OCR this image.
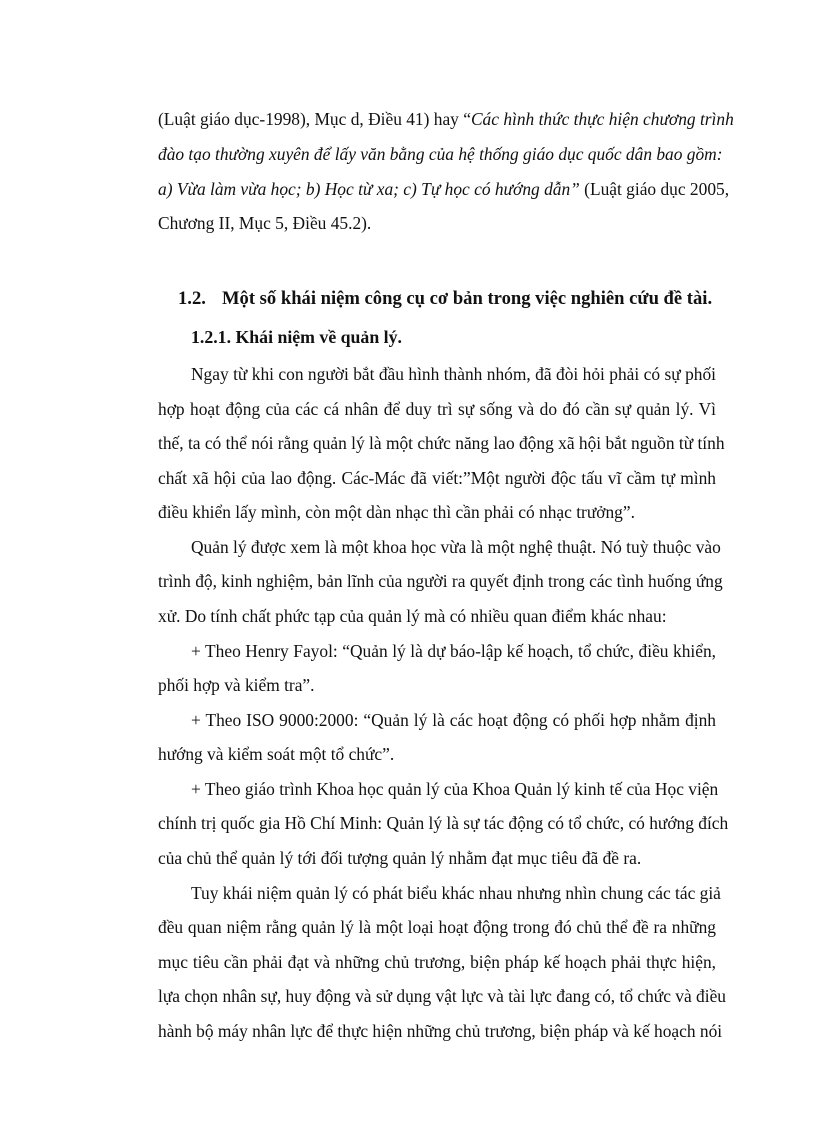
(Luật giáo dục-1998), Mục d, Điều 41) hay “Các hình thức thực hiện chương trình
đào tạo thường xuyên để lấy văn bằng của hệ thống giáo dục quốc dân bao gồm:
a) Vừa làm vừa học; b) Học từ xa; c) Tự học có hướng dẫn” (Luật giáo dục 2005,
Chương II, Mục 5, Điều 45.2).
1.2. Một số khái niệm công cụ cơ bản trong việc nghiên cứu đề tài.
1.2.1. Khái niệm về quản lý.
Ngay từ khi con người bắt đầu hình thành nhóm, đã đòi hỏi phải có sự phối
hợp hoạt động của các cá nhân để duy trì sự sống và do đó cần sự quản lý. Vì
thế, ta có thể nói rằng quản lý là một chức năng lao động xã hội bắt nguồn từ tính
chất xã hội của lao động. Các-Mác đã viết:”Một người độc tấu vĩ cầm tự mình
điều khiển lấy mình, còn một dàn nhạc thì cần phải có nhạc trưởng”.
Quản lý được xem là một khoa học vừa là một nghệ thuật. Nó tuỳ thuộc vào
trình độ, kinh nghiệm, bản lĩnh của người ra quyết định trong các tình huống ứng
xử. Do tính chất phức tạp của quản lý mà có nhiều quan điểm khác nhau:
+ Theo Henry Fayol: “Quản lý là dự báo-lập kế hoạch, tổ chức, điều khiển,
phối hợp và kiểm tra”.
+ Theo ISO 9000:2000: “Quản lý là các hoạt động có phối hợp nhằm định
hướng và kiểm soát một tổ chức”.
+ Theo giáo trình Khoa học quản lý của Khoa Quản lý kinh tế của Học viện
chính trị quốc gia Hồ Chí Minh: Quản lý là sự tác động có tổ chức, có hướng đích
của chủ thể quản lý tới đối tượng quản lý nhằm đạt mục tiêu đã đề ra.
Tuy khái niệm quản lý có phát biểu khác nhau nhưng nhìn chung các tác giả
đều quan niệm rằng quản lý là một loại hoạt động trong đó chủ thể đề ra những
mục tiêu cần phải đạt và những chủ trương, biện pháp kế hoạch phải thực hiện,
lựa chọn nhân sự, huy động và sử dụng vật lực và tài lực đang có, tổ chức và điều
hành bộ máy nhân lực để thực hiện những chủ trương, biện pháp và kế hoạch nói
